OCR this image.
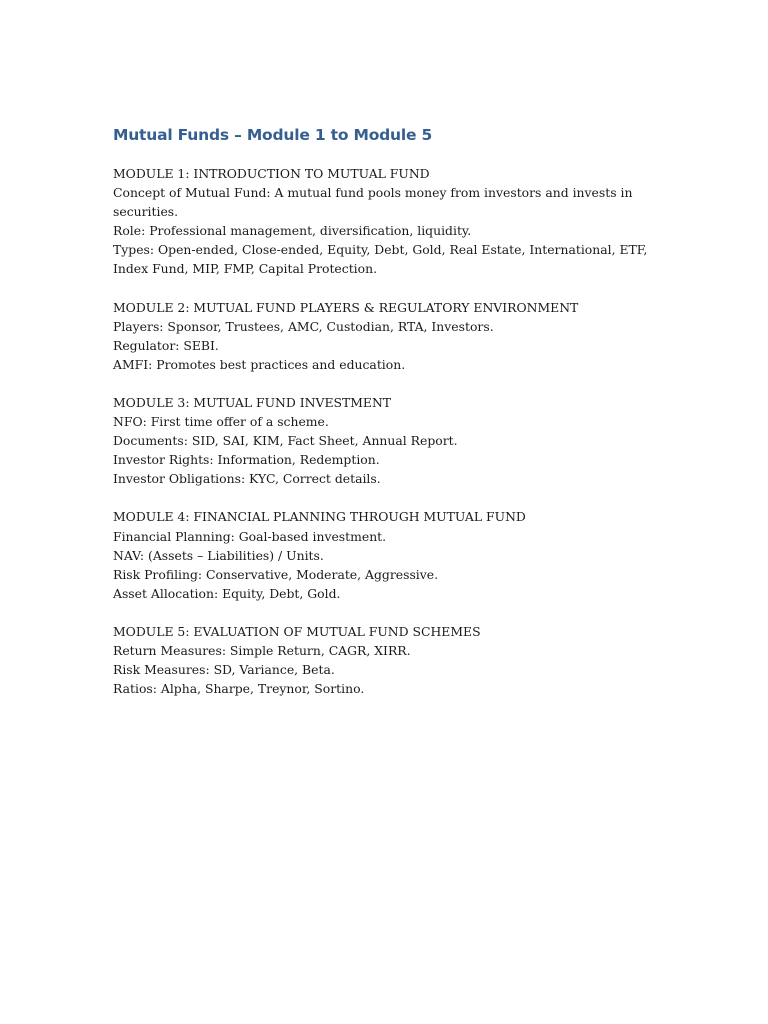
Mutual Funds – Module 1 to Module 5

MODULE 1: INTRODUCTION TO MUTUAL FUND

Concept of Mutual Fund: A mutual fund pools money from investors and invests in securities.

Role: Professional management, diversification, liquidity.

Types: Open-ended, Close-ended, Equity, Debt, Gold, Real Estate, International, ETF, Index Fund, MIP, FMP, Capital Protection.

MODULE 2: MUTUAL FUND PLAYERS & REGULATORY ENVIRONMENT

Players: Sponsor, Trustees, AMC, Custodian, RTA, Investors.

Regulator: SEBI.

AMFI: Promotes best practices and education.

MODULE 3: MUTUAL FUND INVESTMENT

NFO: First time offer of a scheme.

Documents: SID, SAI, KIM, Fact Sheet, Annual Report.

Investor Rights: Information, Redemption.

Investor Obligations: KYC, Correct details.

MODULE 4: FINANCIAL PLANNING THROUGH MUTUAL FUND

Financial Planning: Goal-based investment.

NAV: (Assets – Liabilities) / Units.

Risk Profiling: Conservative, Moderate, Aggressive.

Asset Allocation: Equity, Debt, Gold.

MODULE 5: EVALUATION OF MUTUAL FUND SCHEMES

Return Measures: Simple Return, CAGR, XIRR.

Risk Measures: SD, Variance, Beta.

Ratios: Alpha, Sharpe, Treynor, Sortino.
